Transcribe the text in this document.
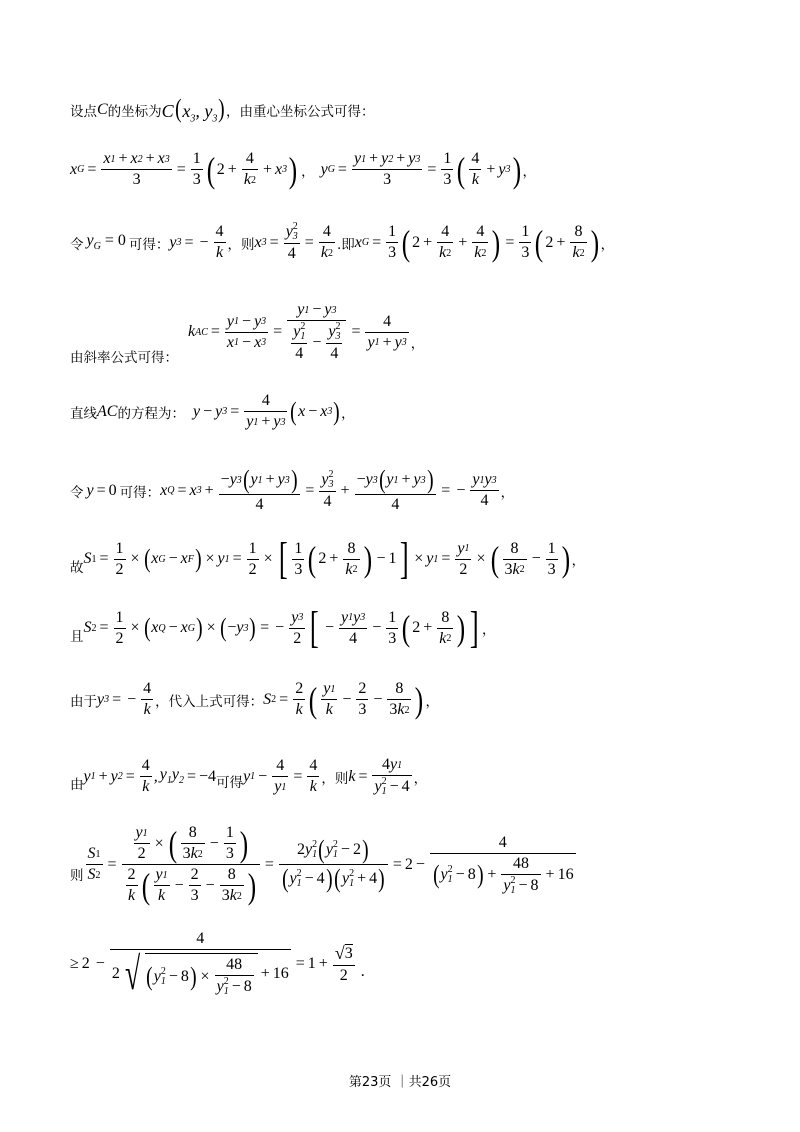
设点 C 的坐标为 $C(x_3$, $y_3$) ，由重心坐标公式可得：
x $G = \frac{x 1 + x 2 + x 3}{3} = \frac{1}{3}$ ( $2 + \frac{4}{k 2} + x$ 3 ) ， y $G = \frac{y 1 + y 2 + y 3}{3} = \frac{1}{3}$ ( $\frac{4}{k} + y$ 3 ) ，
令 $y_G = 0$ 可得： y 3 = − $\frac{4}{k}$ ，则 x 3 = y 2
3
$4 = \frac{4}{k 2}$ .即 x $G = \frac{1}{3}$ ( $2 + \frac{4}{k 2} + \frac{4}{k 2}$ ) = $\frac{1}{3}$ ( $2 + \frac{8}{k 2}$ ) ，
由斜率公式可得：
k AC = $\frac{y 1 - y 3}{x 1 - x 3} = y$ 1 − y 3
y 2
1
4 − y 2
3
$4 = \frac{4}{y 1 + y 3}$ ，
直线 AC 的方程为： y − y $3 = \frac{4}{y 1 + y 3}$ ( x − x 3 ) ，
令 y = 0 可得： x Q = x $3 + \frac{- y 3 ( y 1 + y 3 )}{4} = y$ 2
3
$4 + \frac{- y 3 ( y 1 + y 3 )}{4}$ = − $\frac{y 1 y 3}{4}$ ，
故
S $1 = \frac{1}{2}$ × ( x G − x F ) × y $1 = \frac{1}{2}$ × [ $\frac{1}{3}$ ( $2 + \frac{8}{k 2}$ ) − 1 ] × y $1 = \frac{y 1}{2}$ × ( $\frac{8}{3 k 2} - \frac{1}{3}$ ) ，
且
S $2 = \frac{1}{2}$ × ( x Q − x G ) × ( − y 3 ) = − $\frac{y 3}{2}$ [ − $\frac{y 1 y 3}{4} - \frac{1}{3}$ ( $2 + \frac{8}{k 2}$ ) ] ，
由于 y 3 = − $\frac{4}{k}$ ，代入上式可得： S $2 = \frac{2}{k}$ ( $\frac{y 1}{k} - \frac{2}{3} - \frac{8}{3 k 2}$ ) ，
由 y 1 + y $2 = \frac{4}{k}$ , $y_1y_2 = -4$ 可得 y $1 - \frac{4}{y 1} = \frac{4}{k}$ ，则 k = 4 y 1
y 2
1 − 4 ，
则 $\frac{S 1}{S 2} = \frac{\frac{y 1}{2} \times ( \frac{8}{3 k 2} - \frac{1}{3} )}{\frac{2}{k} ( \frac{y 1}{k} - \frac{2}{3} - \frac{8}{3 k 2} )} = 2$ y 2
1 ( y 2
1 − 2 )
( y 2
1 − 4 ) ( y 2
1 + 4 ) = 2 − 4
( y 2
1 − 8 ) + 48
y 2
1 − 8 + 16
≥ 2 − 4
2 √ ( y 2
1 − 8 ) × 48
y 2
$1 - 8 + 16 = 1 + \frac{√ 3}{2}$ .
第23页 ｜共26页
